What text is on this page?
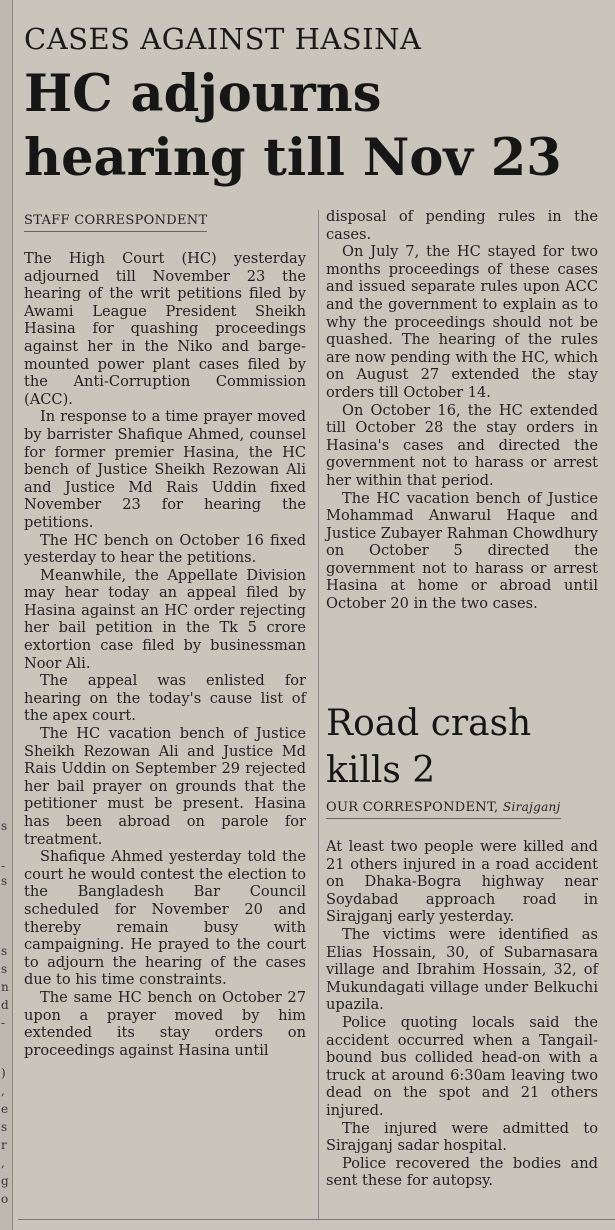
s
-
s
s
s
n
d
-
)
,
e
s
r
,
g
o
CASES AGAINST HASINA
HC adjourns hearing till Nov 23
STAFF CORRESPONDENT

The High Court (HC) yesterday adjourned till November 23 the hearing of the writ petitions filed by Awami League President Sheikh Hasina for quashing proceedings against her in the Niko and barge-mounted power plant cases filed by the Anti-Corruption Commission (ACC).

In response to a time prayer moved by barrister Shafique Ahmed, counsel for former premier Hasina, the HC bench of Justice Sheikh Rezowan Ali and Justice Md Rais Uddin fixed November 23 for hearing the petitions.

The HC bench on October 16 fixed yesterday to hear the petitions.

Meanwhile, the Appellate Division may hear today an appeal filed by Hasina against an HC order rejecting her bail petition in the Tk 5 crore extortion case filed by businessman Noor Ali.

The appeal was enlisted for hearing on the today's cause list of the apex court.

The HC vacation bench of Justice Sheikh Rezowan Ali and Justice Md Rais Uddin on September 29 rejected her bail prayer on grounds that the petitioner must be present. Hasina has been abroad on parole for treatment.

Shafique Ahmed yesterday told the court he would contest the election to the Bangladesh Bar Council scheduled for November 20 and thereby remain busy with campaigning. He prayed to the court to adjourn the hearing of the cases due to his time constraints.

The same HC bench on October 27 upon a prayer moved by him extended its stay orders on proceedings against Hasina until

disposal of pending rules in the cases.

On July 7, the HC stayed for two months proceedings of these cases and issued separate rules upon ACC and the government to explain as to why the proceedings should not be quashed. The hearing of the rules are now pending with the HC, which on August 27 extended the stay orders till October 14.

On October 16, the HC extended till October 28 the stay orders in Hasina's cases and directed the government not to harass or arrest her within that period.

The HC vacation bench of Justice Mohammad Anwarul Haque and Justice Zubayer Rahman Chowdhury on October 5 directed the government not to harass or arrest Hasina at home or abroad until October 20 in the two cases.

Road crash kills 2
OUR CORRESPONDENT, Sirajganj

At least two people were killed and 21 others injured in a road accident on Dhaka-Bogra highway near Soydabad approach road in Sirajganj early yesterday.

The victims were identified as Elias Hossain, 30, of Subarnasara village and Ibrahim Hossain, 32, of Mukundagati village under Belkuchi upazila.

Police quoting locals said the accident occurred when a Tangail-bound bus collided head-on with a truck at around 6:30am leaving two dead on the spot and 21 others injured.

The injured were admitted to Sirajganj sadar hospital.

Police recovered the bodies and sent these for autopsy.
